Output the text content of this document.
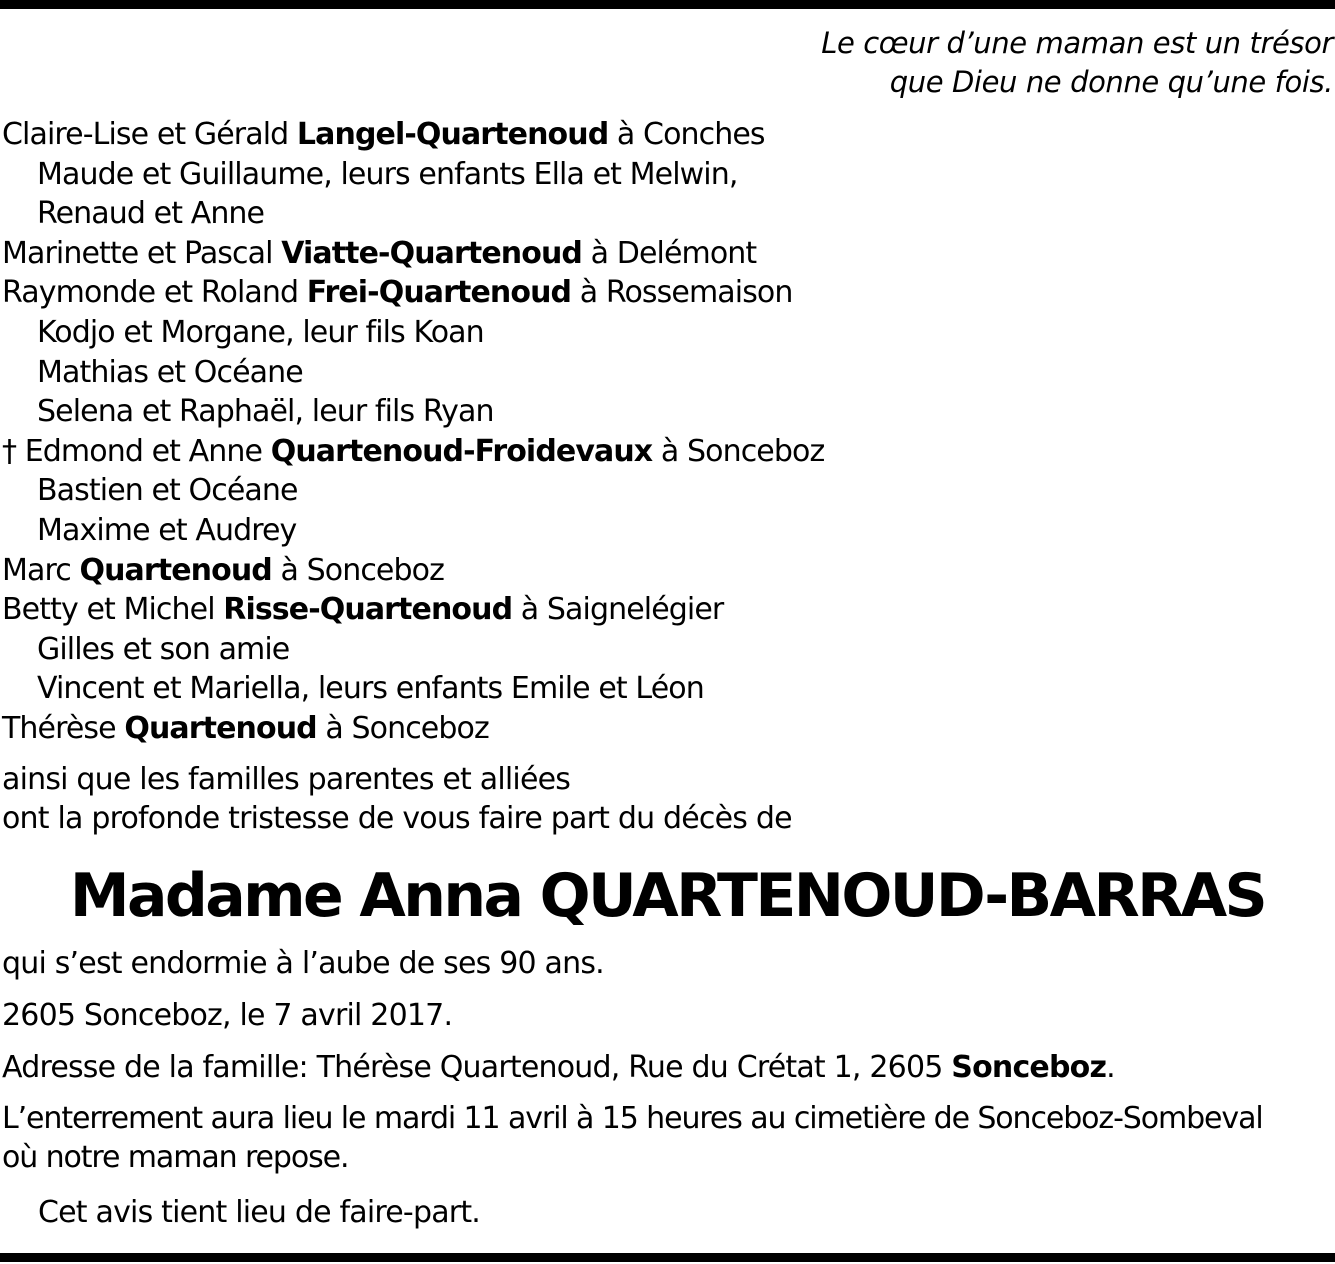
Le cœur d’une maman est un trésor
que Dieu ne donne qu’une fois.
Claire-Lise et Gérald Langel-Quartenoud à Conches
Maude et Guillaume, leurs enfants Ella et Melwin,
Renaud et Anne
Marinette et Pascal Viatte-Quartenoud à Delémont
Raymonde et Roland Frei-Quartenoud à Rossemaison
Kodjo et Morgane, leur fils Koan
Mathias et Océane
Selena et Raphaël, leur fils Ryan
† Edmond et Anne Quartenoud-Froidevaux à Sonceboz
Bastien et Océane
Maxime et Audrey
Marc Quartenoud à Sonceboz
Betty et Michel Risse-Quartenoud à Saignelégier
Gilles et son amie
Vincent et Mariella, leurs enfants Emile et Léon
Thérèse Quartenoud à Sonceboz
ainsi que les familles parentes et alliées
ont la profonde tristesse de vous faire part du décès de
Madame Anna QUARTENOUD-BARRAS
qui s’est endormie à l’aube de ses 90 ans.
2605 Sonceboz, le 7 avril 2017.
Adresse de la famille: Thérèse Quartenoud, Rue du Crétat 1, 2605 Sonceboz.
L’enterrement aura lieu le mardi 11 avril à 15 heures au cimetière de Sonceboz-Sombeval
où notre maman repose.
Cet avis tient lieu de faire-part.
